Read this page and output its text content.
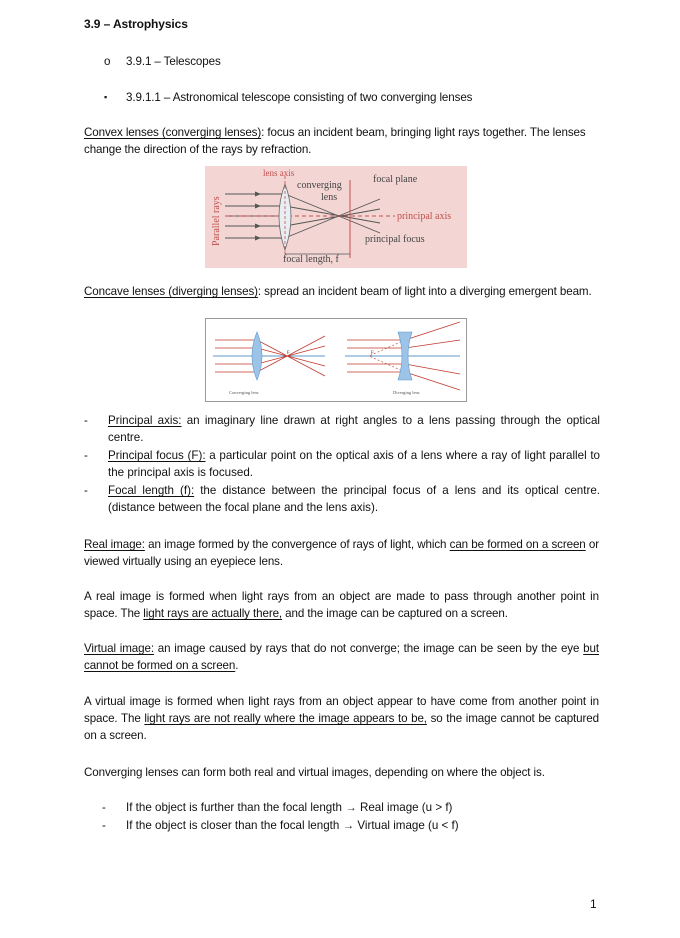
3.9 – Astrophysics
o 3.9.1 – Telescopes
▪ 3.9.1.1 – Astronomical telescope consisting of two converging lenses
Convex lenses (converging lenses): focus an incident beam, bringing light rays together. The lenses change the direction of the rays by refraction.
lens axis
converging
lens
focal plane
principal axis
principal focus
focal length, f
Parallel rays
Concave lenses (diverging lenses): spread an incident beam of light into a diverging emergent beam.
F
Converging lens
F
Diverging lens
- Principal axis: an imaginary line drawn at right angles to a lens passing through the optical centre.
- Principal focus (F): a particular point on the optical axis of a lens where a ray of light parallel to the principal axis is focused.
- Focal length (f): the distance between the principal focus of a lens and its optical centre. (distance between the focal plane and the lens axis).
Real image: an image formed by the convergence of rays of light, which can be formed on a screen or viewed virtually using an eyepiece lens.
A real image is formed when light rays from an object are made to pass through another point in space. The light rays are actually there, and the image can be captured on a screen.
Virtual image: an image caused by rays that do not converge; the image can be seen by the eye but cannot be formed on a screen.
A virtual image is formed when light rays from an object appear to have come from another point in space. The light rays are not really where the image appears to be, so the image cannot be captured on a screen.
Converging lenses can form both real and virtual images, depending on where the object is.
- If the object is further than the focal length → Real image (u > f)
- If the object is closer than the focal length → Virtual image (u < f)
1
